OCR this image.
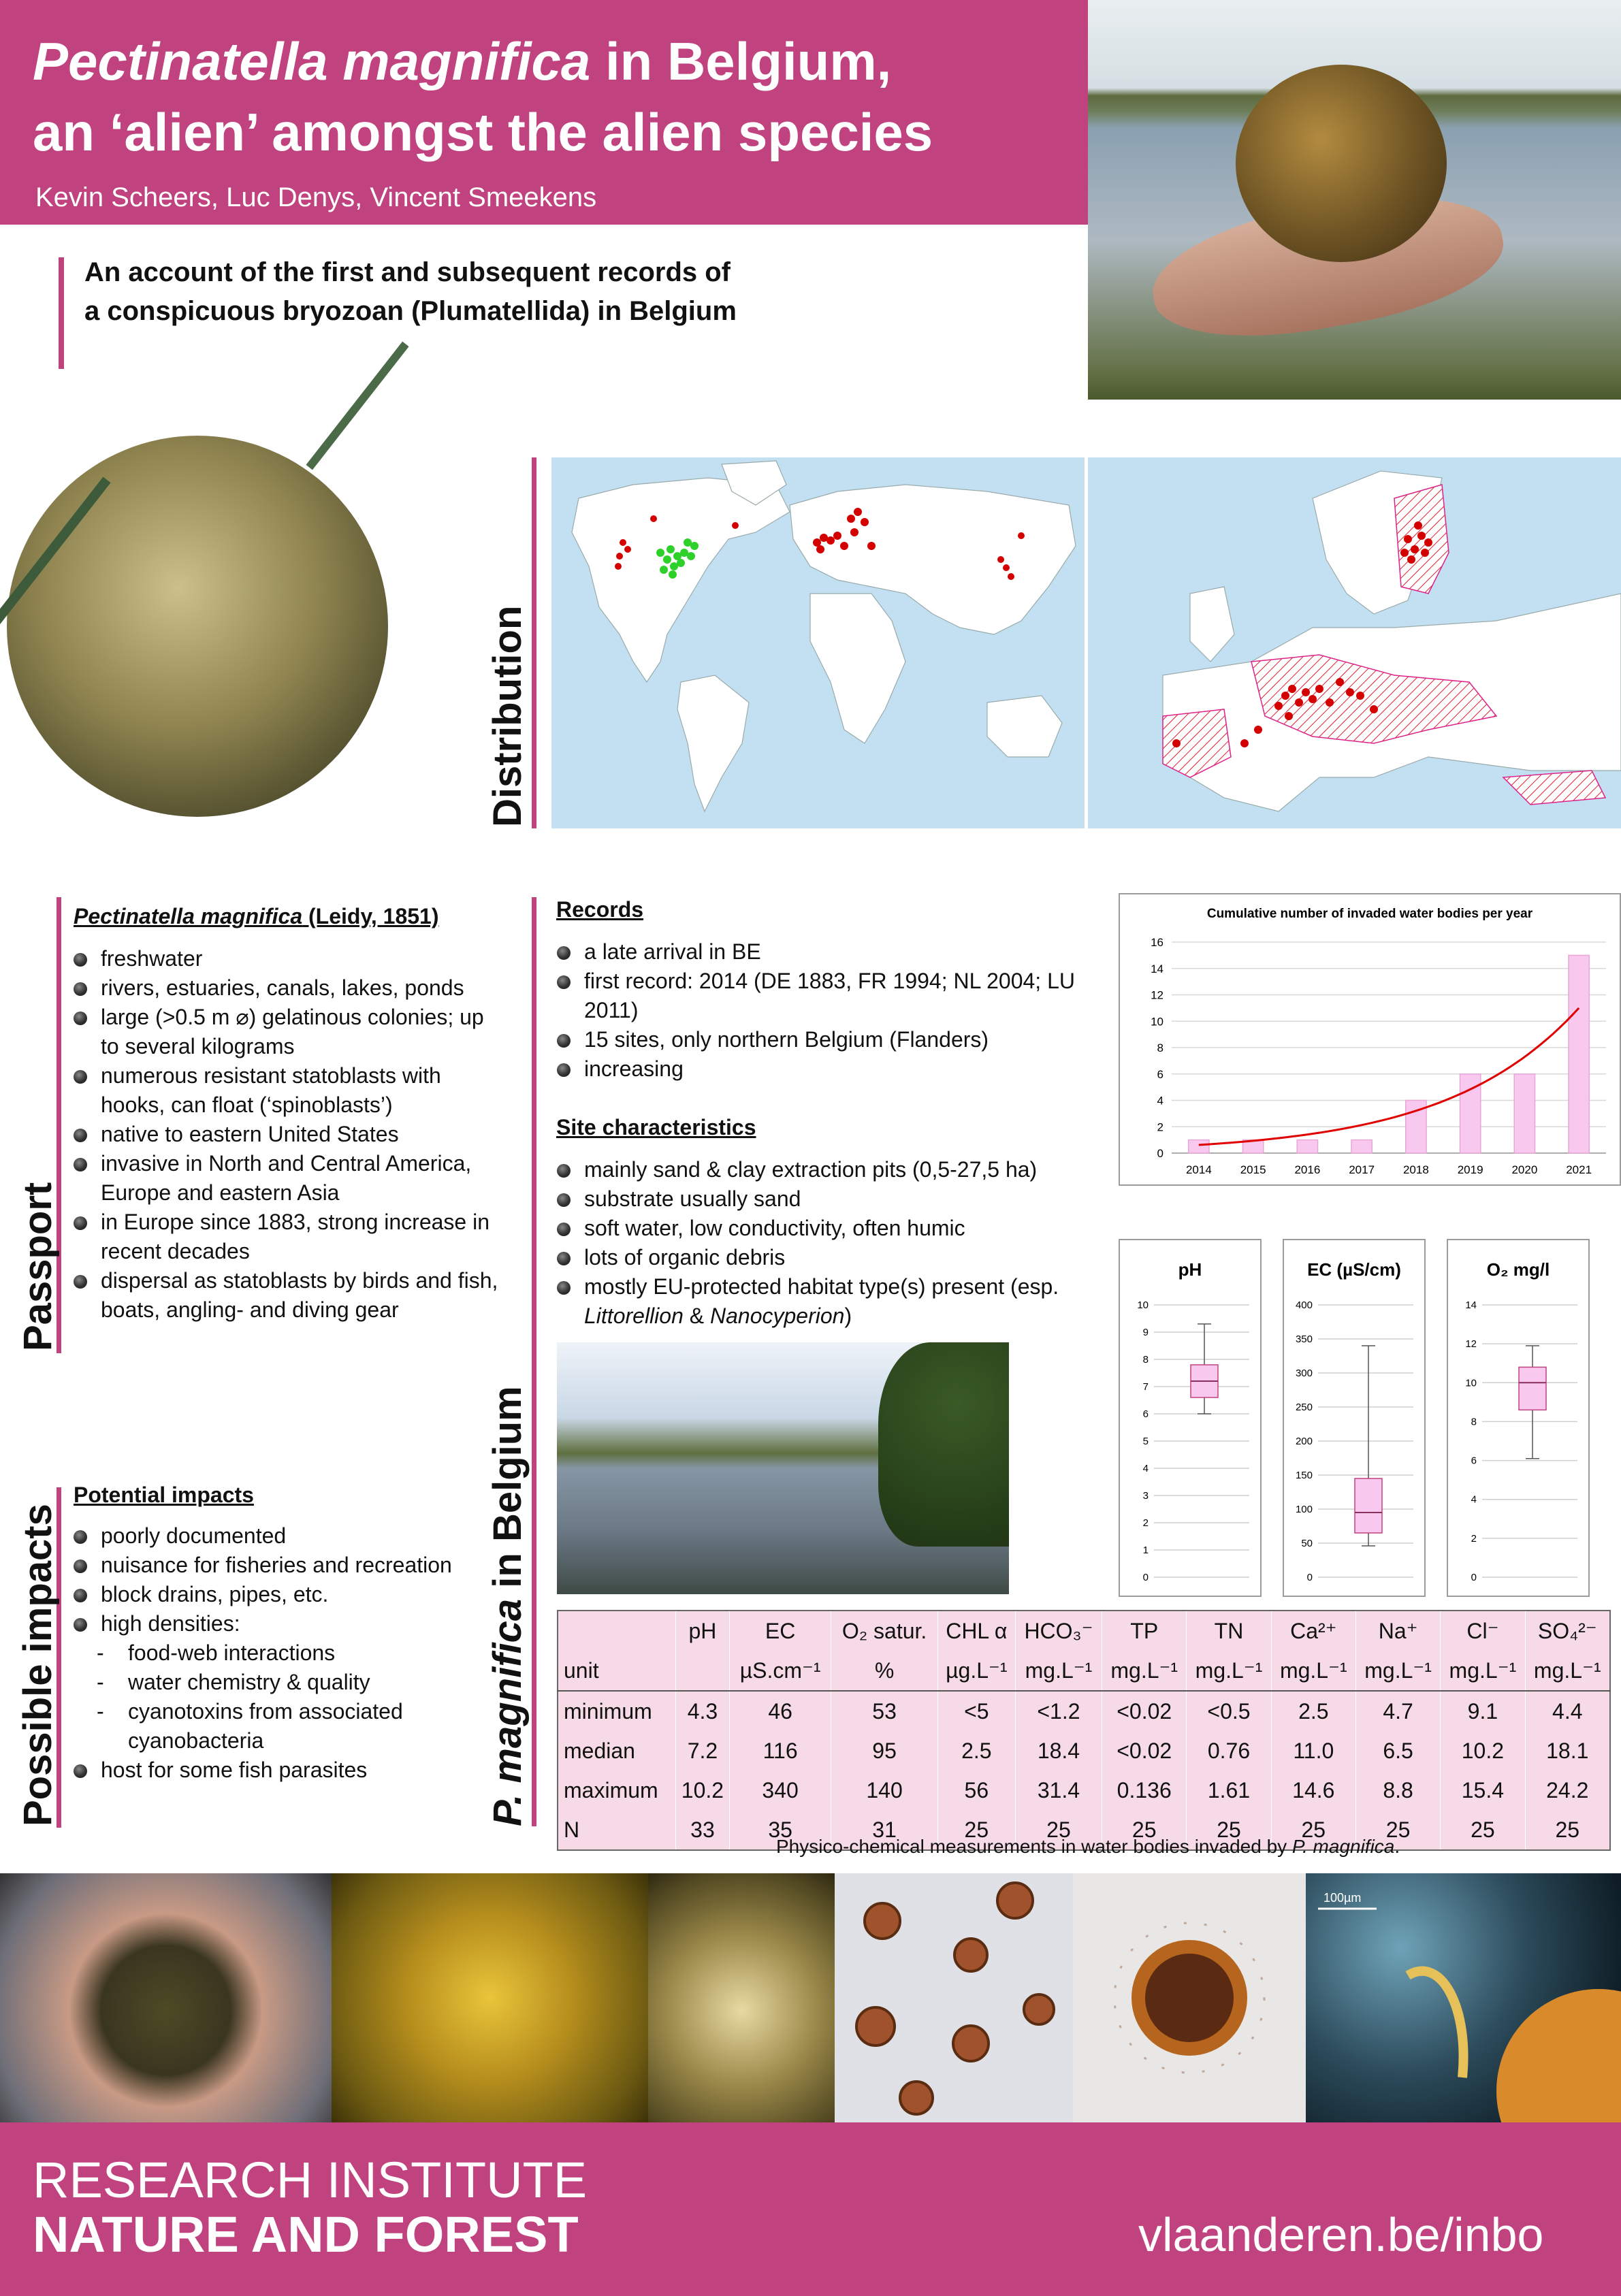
Pectinatella magnifica in Belgium,
an ‘alien’ amongst the alien species
Kevin Scheers, Luc Denys, Vincent Smeekens
An account of the first and subsequent records of a conspicuous bryozoan (Plumatellida) in Belgium
Distribution
Passport
Pectinatella magnifica (Leidy, 1851)
freshwater
rivers, estuaries, canals, lakes, ponds
large (>0.5 m ⌀) gelatinous colonies; up to several kilograms
numerous resistant statoblasts with hooks, can float (‘spinoblasts’)
native to eastern United States
invasive in North and Central America, Europe and eastern Asia
in Europe since 1883, strong increase in recent decades
dispersal as statoblasts by birds and fish, boats, angling- and diving gear
Possible impacts
Potential impacts
poorly documented
nuisance for fisheries and recreation
block drains, pipes, etc.
high densities:
- food-web interactions
- water chemistry & quality
- cyanotoxins from associated cyanobacteria
host for some fish parasites	P. magnifica in Belgium
Records
a late arrival in BE
first record: 2014 (DE 1883, FR 1994; NL 2004; LU 2011)
15 sites, only northern Belgium (Flanders)
increasing
Site characteristics
mainly sand & clay extraction pits (0,5-27,5 ha)
substrate usually sand
soft water, low conductivity, often humic
lots of organic debris
mostly EU-protected habitat type(s) present (esp. Littorellion & Nanocyperion)
Cumulative number of invaded water bodies per year
0
2
4
6
8
10
12
14
16
2014 2015 2016 2017 2018 2019 2020 2021
pH
0
1
2
3
4
5
6
7
8
9
10
EC (µS/cm)
0
50
100
150
200
250
300
350
400
O₂ mg/l
0
2
4
6
8
10
12
14
	pH	EC	O₂ satur.	CHL α	HCO₃⁻	TP	TN	Ca²⁺	Na⁺	Cl⁻	SO₄²⁻
unit		µS.cm⁻¹	%	µg.L⁻¹	mg.L⁻¹	mg.L⁻¹	mg.L⁻¹	mg.L⁻¹	mg.L⁻¹	mg.L⁻¹	mg.L⁻¹
minimum	4.3	46	53	<5	<1.2	<0.02	<0.5	2.5	4.7	9.1	4.4
median	7.2	116	95	2.5	18.4	<0.02	0.76	11.0	6.5	10.2	18.1
maximum	10.2	340	140	56	31.4	0.136	1.61	14.6	8.8	15.4	24.2
N	33	35	31	25	25	25	25	25	25	25	25
Physico-chemical measurements in water bodies invaded by P. magnifica.
100µm
RESEARCH INSTITUTE
NATURE AND FOREST	vlaanderen.be/inbo
